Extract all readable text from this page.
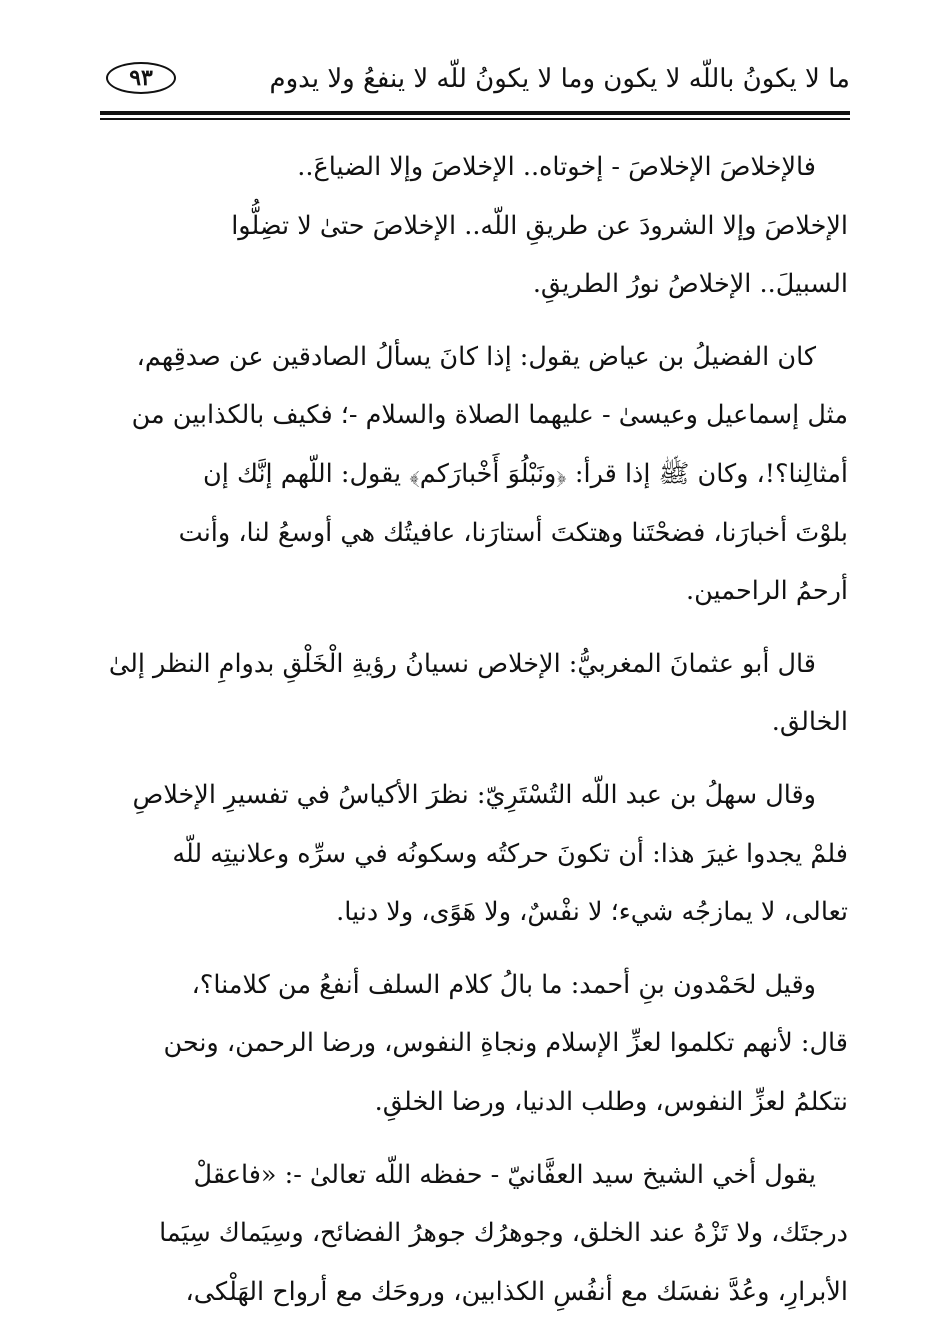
٩٣	ما لا يكونُ باللّه لا يكون وما لا يكونُ للّه لا ينفعُ ولا يدوم

فالإخلاصَ الإخلاصَ - إخوتاه.. الإخلاصَ وإلا الضياعَ..
الإخلاصَ وإلا الشرودَ عن طريقِ اللّه.. الإخلاصَ حتىٰ لا تضِلُّوا
السبيلَ.. الإخلاصُ نورُ الطريقِ.

كان الفضيلُ بن عياض يقول: إذا كانَ يسألُ الصادقين عن صدقِهم،
مثل إسماعيل وعيسىٰ - عليهما الصلاة والسلام -؛ فكيف بالكذابين من
أمثالِنا؟!، وكان ﷺ إذا قرأ: ﴿ونَبْلُوَ أَخْبارَكم﴾ يقول: اللّهم إنَّك إن
بلوْتَ أخبارَنا، فضحْتَنا وهتكتَ أستارَنا، عافيتُك هي أوسعُ لنا، وأنت
أرحمُ الراحمين.

قال أبو عثمانَ المغربيُّ: الإخلاص نسيانُ رؤيةِ الْخَلْقِ بدوامِ النظر إلىٰ
الخالق.

وقال سهلُ بن عبد اللّه التُسْتَرِيّ: نظرَ الأكياسُ في تفسيرِ الإخلاصِ
فلمْ يجدوا غيرَ هذا: أن تكونَ حركتُه وسكونُه في سرِّه وعلانيتِه للّه
تعالى، لا يمازجُه شيء؛ لا نفْسٌ، ولا هَوًى، ولا دنيا.

وقيل لحَمْدون بنِ أحمد: ما بالُ كلام السلف أنفعُ من كلامنا؟،
قال: لأنهم تكلموا لعزِّ الإسلام ونجاةِ النفوس، ورضا الرحمن، ونحن
نتكلمُ لعزِّ النفوس، وطلب الدنيا، ورضا الخلقِ.

يقول أخي الشيخ سيد العفَّانيّ - حفظه اللّه تعالىٰ -: «فاعقلْ
درجتَك، ولا تَزْهُ عند الخلق، وجوهرُك جوهرُ الفضائح، وسِيَماك سِيَما
الأبرارِ، وعُدَّ نفسَك مع أنفُسِ الكذابين، وروحَك مع أرواح الهَلْكى،
